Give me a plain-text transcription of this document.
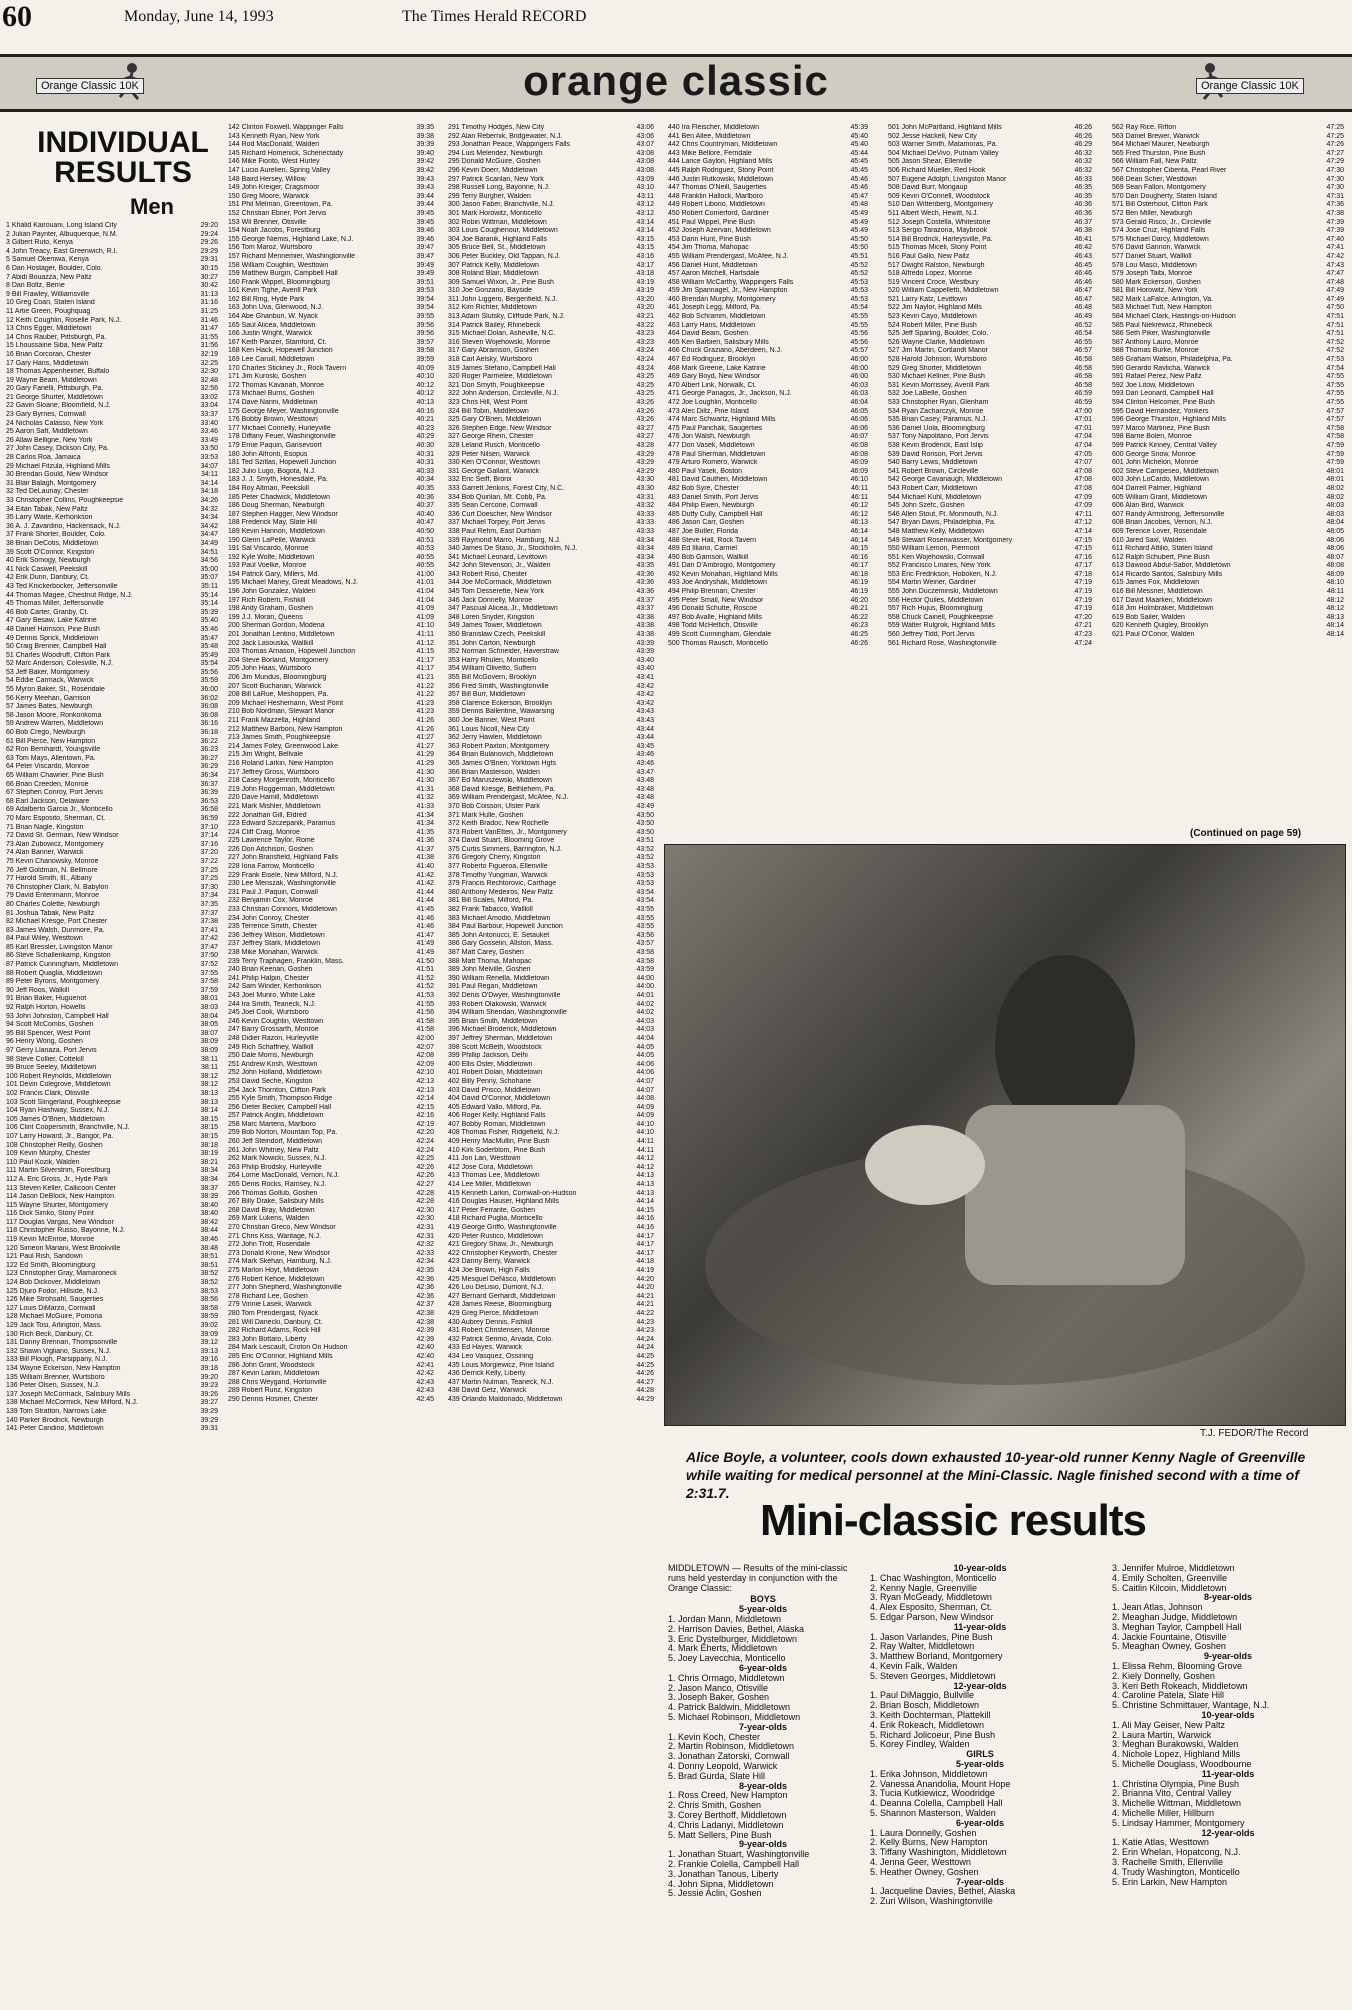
60	Monday, June 14, 1993	The Times Herald RECORD
orange classic
Orange Classic 10K	Orange Classic 10K
INDIVIDUAL RESULTS
Men
1 Khalid Kairouani, Long Island City	29:20
2 Julian Paynter, Albuquerque, N.M.	29:24
3 Gilbert Ruto, Kenya	29:26
4 John Treacy, East Greenwich, R.I.	29:29
5 Samuel Okemwa, Kenya	29:31
6 Dan Hostager, Boulder, Colo.	30:15
7 Abidi Bouazza, New Paltz	30:27
8 Dan Boltz, Berne	30:42
9 Bill Frawley, Williamsville	31:13
10 Greg Coan, Staten Island	31:16
11 Artie Green, Poughquag	31:25
12 Keith Coughlin, Roselle Park, N.J.	31:46
13 Chris Egger, Middletown	31:47
14 Chris Rauber, Pittsburgh, Pa.	31:55
15 Lhoussaine Siba, New Paltz	31:56
16 Brian Corcoran, Chester	32:19
17 Gary Hans, Middletown	32:25
18 Thomas Appenheimer, Buffalo	32:30
19 Wayne Beam, Middletown	32:48
20 Gary Fanelli, Pittsburgh, Pa.	32:56
21 George Shurter, Middletown	33:02
22 Gavin Sloane, Bloomfield, N.J.	33:04
23 Gary Byrnes, Cornwall	33:37
24 Nicholas Calasso, New York	33:40
25 Aaron Saft, Middletown	33:46
26 Allaw Belligne, New York	33:49
27 John Casey, Dickson City, Pa.	33:50
28 Carlos Roa, Jamaica	33:53
29 Michael Fitzula, Highland Mills	34:07
30 Brendan Gould, New Windsor	34:11
31 Blair Balagh, Montgomery	34:14
32 Ted DeLaunay, Chester	34:18
33 Christopher Collins, Poughkeepsie	34:26
34 Eitan Tabak, New Paltz	34:32
35 Larry Waite, Kerhonkson	34:34
36 A. J. Zavardino, Hackensack, N.J.	34:42
37 Frank Shorter, Boulder, Colo.	34:47
38 Brian DeCotis, Middletown	34:49
39 Scott O'Connor, Kingston	34:51
40 Erik Somogy, Newburgh	34:56
41 Nick Caswell, Peekskill	35:00
42 Erik Dunn, Danbury, Ct.	35:07
43 Ted Knickerbocker, Jeffersonville	35:11
44 Thomas Magee, Chestnut Ridge, N.J.	35:14
45 Thomas Miller, Jeffersonville	35:14
46 Bob Carter, Granby, Ct.	35:39
47 Gary Besaw, Lake Katrine	35:40
48 Daniel Harrison, Pine Bush	35:46
49 Dennis Sprick, Middletown	35:47
50 Craig Brenner, Campbell Hall	35:48
51 Charles Woodruff, Clifton Park	35:49
52 Marc Anderson, Colesville, N.J.	35:54
53 Jeff Baker, Montgomery	35:56
54 Eddie Carmack, Warwick	35:59
55 Myron Baker, St., Rosendale	36:00
56 Kerry Meehan, Garrison	36:02
57 James Bates, Newburgh	36:08
58 Jason Moore, Ronkonkoma	36:08
59 Andrew Warren, Middletown	36:16
60 Bob Crego, Newburgh	36:18
61 Bill Pierce, New Hampton	36:22
62 Ron Bernhardt, Youngsville	36:23
63 Tom Mays, Allentown, Pa.	36:27
64 Peter Viscardo, Monroe	36:29
65 William Chawner, Pine Bush	36:34
66 Brian Creeden, Monroe	36:37
67 Stephen Conroy, Port Jervis	36:39
68 Earl Jackson, Delaware	36:53
69 Adalberto Garcia Jr., Monticello	36:58
70 Marc Esposito, Sherman, Ct.	36:59
71 Brian Nagle, Kingston	37:10
72 David St. Germain, New Windsor	37:14
73 Alan Zubowicz, Montgomery	37:16
74 Alan Banner, Warwick	37:20
75 Kevin Chanowsky, Monroe	37:22
76 Jeff Goldman, N. Bellmore	37:25
77 Harold Smith, Ill., Albany	37:25
78 Christopher Clark, N. Babylon	37:30
79 David Entenmann, Monroe	37:34
80 Charles Colette, Newburgh	37:35
81 Joshua Tabak, New Paltz	37:37
82 Michael Kresge, Port Chester	37:38
83 James Walsh, Dunmore, Pa.	37:41
84 Paul Wiley, Westtown	37:42
85 Karl Bressler, Livingston Manor	37:47
86 Steve Schallenkamp, Kingston	37:50
87 Patrick Cunningham, Middletown	37:52
88 Robert Quaglia, Middletown	37:55
89 Peter Byrons, Montgomery	37:58
90 Jeff Roos, Walkill	37:59
91 Brian Baker, Huguenot	38:01
92 Ralph Horton, Howells	38:03
93 John Johnston, Campbell Hall	38:04
94 Scott McCombs, Goshen	38:05
95 Bill Spencer, West Point	38:07
96 Henry Wong, Goshen	38:09
97 Gerry Llanaza, Port Jervis	38:09
98 Steve Collier, Cottekill	38:11
99 Bruce Seeley, Middletown	38:11
100 Robert Reynolds, Middletown	38:12
101 Devin Colegrove, Middletown	38:12
102 Francis Clark, Otisville	38:13
103 Scott Slingerland, Poughkeepsie	38:13
104 Ryan Hashway, Sussex, N.J.	38:14
105 James O'Brien, Middletown	38:15
106 Clint Coopersmith, Branchville, N.J.	38:15
107 Larry Howard, Jr., Bangor, Pa.	38:15
108 Christopher Reilly, Goshen	38:18
109 Kevin Murphy, Chester	38:19
110 Paul Kozik, Walden	38:21
111 Martin Silverstrim, Forestburg	38:34
112 A. Eric Gross, Jr., Hyde Park	38:34
113 Steven Keller, Callicoon Center	38:37
114 Jason DeBlock, New Hampton	38:39
115 Wayne Shurter, Montgomery	38:40
116 Dick Simko, Stony Point	38:40
117 Douglas Vargas, New Windsor	38:42
118 Christopher Russo, Bayonne, N.J.	38:44
119 Kevin McEnroe, Monroe	38:46
120 Simeon Mariani, West Brookville	38:48
121 Paul Rish, Sandown	38:51
122 Ed Smith, Bloomingburg	38:51
123 Christopher Gray, Mamaroneck	38:52
124 Bob Dickover, Middletown	38:52
125 Djuro Fodor, Hillside, N.J.	38:53
126 Mike Strohsahl, Saugerties	38:56
127 Louis DiMarzo, Cornwall	38:58
128 Michael McGuire, Pomona	38:59
129 Jack Tosi, Arlington, Mass.	39:02
130 Rich Beck, Danbury, Ct.	39:09
131 Danny Brennan, Thompsonville	39:12
132 Shawn Vigliano, Sussex, N.J.	39:13
133 Bill Plough, Parsippany, N.J.	39:16
134 Wayne Eckerson, New Hampton	39:18
135 William Brenner, Wurtsboro	39:20
136 Peter Olsen, Sussex, N.J.	39:23
137 Joseph McCormack, Salisbury Mills	39:26
138 Michael McCormick, New Milford, N.J.	39:27
139 Tom Stratton, Narrows Lake	39:29
140 Parker Brodrick, Newburgh	39:29
141 Peter Candino, Middletown	39:31
142 Clinton Foxwell, Wappinger Falls	39:35
143 Kenneth Ryan, New York	39:38
144 Rod MacDonald, Walden	39:39
145 Richard Homenick, Schenectady	39:40
146 Mike Fiorito, West Hurley	39:42
147 Lucio Aurelien, Spring Valley	39:42
148 Baird Hersey, Willow	39:43
149 John Kreiger, Cragsmoor	39:43
150 Greg Moore, Warwick	39:44
151 Phil Melman, Greentown, Pa.	39:44
152 Christian Ebner, Port Jervis	39:45
153 Wil Brenner, Otisville	39:45
154 Noah Jacobs, Forestburg	39:46
155 George Niemis, Highland Lake, N.J.	39:46
156 Tom Maroz, Wurtsboro	39:47
157 Richard Mennemier, Washingtonville	39:47
158 William Coughlin, Westtown	39:49
159 Matthew Burgin, Campbell Hall	39:49
160 Frank Wippel, Bloomingburg	39:51
161 Kevin Tighe, Averill Park	39:53
162 Bill Ring, Hyde Park	39:54
163 John Uva, Glenwood, N.J.	39:54
164 Abe Ghanburi, W. Nyack	39:55
165 Saul Alicea, Middletown	39:56
166 Justin Wright, Warwick	39:56
167 Keith Panzer, Stamford, Ct.	39:57
168 Ken Hack, Hopewell Junction	39:58
169 Lee Caruill, Middletown	39:59
170 Charles Stickney Jr., Rock Tavern	40:09
171 Jim Kuroski, Goshen	40:10
172 Thomas Kavanah, Monroe	40:12
173 Michael Burns, Goshen	40:12
174 Dave Narini, Middletown	40:13
175 George Meyer, Washingtonville	40:16
176 Bobby Brown, Westtown	40:21
177 Michael Connelly, Hurleyville	40:23
178 Diffany Feuer, Washingtonville	40:29
179 Ernie Paquin, Gansevoort	40:30
180 John Alfronti, Esopus	40:31
181 Ted Szitlas, Hopewell Junction	40:31
182 Julio Lugo, Bogota, N.J.	40:33
183 J. J. Smyth, Honesdale, Pa.	40:34
184 Roy Altman, Peekskill	40:35
185 Peter Chadwick, Middletown	40:36
186 Doug Sherman, Newburgh	40:37
187 Stephen Hagger, New Windsor	40:40
188 Frederick May, Slate Hill	40:47
189 Kevin Hannon, Middletown	40:50
190 Glenn LaPelle, Warwick	40:51
191 Sal Viscardo, Monroe	40:53
192 Kyle Wolfe, Middletown	40:55
193 Paul Voelke, Monroe	40:55
194 Patrick Gary, Millers, Md.	41:00
195 Michael Maney, Great Meadows, N.J.	41:01
196 John Gonzalez, Walden	41:04
197 Rich Roberti, Fishkill	41:04
198 Andy Graham, Goshen	41:09
199 J.J. Moran, Queens	41:09
200 Sherman Gordon, Modena	41:10
201 Jonathan Lentino, Middletown	41:11
202 Jack Lasouska, Wallkill	41:12
203 Thomas Arnason, Hopewell Junction	41:15
204 Steve Borland, Montgomery	41:17
205 John Haas, Wurtsboro	41:17
206 Jim Mundus, Bloomingburg	41:21
207 Scott Buchanan, Warwick	41:22
208 Bill LaRue, Meshoppen, Pa.	41:22
209 Michael Heshemann, West Point	41:23
210 Bob Nordman, Stewart Manor	41:23
211 Frank Mazzella, Highland	41:26
212 Matthew Barboni, New Hampton	41:26
213 James Smith, Poughkeepsie	41:27
214 James Foley, Greenwood Lake	41:27
215 Jim Wright, Bellvale	41:29
216 Roland Larkin, New Hampton	41:29
217 Jeffrey Gross, Wurtsboro	41:30
218 Casey Morgenroth, Monticello	41:30
219 John Roggerman, Middletown	41:31
220 Dave Hamill, Middletown	41:32
221 Mark Mishler, Middletown	41:33
222 Jonathan Gill, Eldred	41:34
223 Edward Szczepanik, Paramus	41:34
224 Cliff Craig, Monroe	41:35
225 Lawrence Taylor, Rome	41:36
226 Don Aitchison, Goshen	41:37
227 John Bransfield, Highland Falls	41:38
228 Iona Farrow, Monticello	41:40
229 Frank Eisele, New Milford, N.J.	41:42
230 Lee Menszak, Washingtonville	41:42
231 Paul J. Paquin, Cornwall	41:44
232 Benjamin Cox, Monroe	41:44
233 Christian Connors, Middletown	41:45
234 John Conroy, Chester	41:46
235 Terrence Smith, Chester	41:46
236 Jeffrey Wilson, Middletown	41:47
237 Jeffrey Stark, Middletown	41:49
238 Mike Monahan, Warwick	41:49
239 Terry Traphagen, Franklin, Mass.	41:50
240 Brian Keenan, Goshen	41:51
241 Philip Halpin, Chester	41:52
242 Sam Winder, Kerhonkson	41:52
243 Joel Munro, White Lake	41:53
244 Ira Smith, Teaneck, N.J.	41:55
245 Joel Cook, Wurtsboro	41:56
246 Kevin Coughlin, Westtown	41:58
247 Barry Grossarth, Monroe	41:58
248 Didier Razon, Hurleyville	42:00
249 Rich Schaffney, Wallkill	42:07
250 Dale Morris, Newburgh	42:08
251 Andrew Krish, Westtown	42:09
252 John Holland, Middletown	42:10
253 David Seche, Kingston	42:13
254 Jack Thornton, Clifton Park	42:13
255 Kyle Smith, Thompson Ridge	42:14
256 Dieter Becker, Campbell Hall	42:15
257 Patrick Anglin, Middletown	42:16
258 Marc Martens, Marlboro	42:19
259 Bob Norton, Mountain Top, Pa.	42:20
260 Jeff Steindorf, Middletown	42:24
261 John Whitney, New Paltz	42:24
262 Mark Nowicki, Sussex, N.J.	42:25
263 Philip Brodsky, Hurleyville	42:26
264 Lorne MacDonald, Vernon, N.J.	42:26
265 Denis Rocks, Ramsey, N.J.	42:27
266 Thomas Gollub, Goshen	42:28
267 Billy Drake, Salisbury Mills	42:28
268 David Bray, Middletown	42:30
269 Mark Lukens, Walden	42:30
270 Christian Greco, New Windsor	42:31
271 Chris Kiss, Wantage, N.J.	42:31
272 John Trott, Rosendale	42:32
273 Donald Krone, New Windsor	42:33
274 Mark Skehan, Hamburg, N.J.	42:34
275 Marlon Hoyt, Middletown	42:35
276 Robert Kehoe, Middletown	42:36
277 John Shepherd, Washingtonville	42:36
278 Richard Lee, Goshen	42:36
279 Vinnie Lasek, Warwick	42:37
280 Tom Prendergast, Nyack	42:38
281 Will Danecki, Danbury, Ct.	42:38
282 Richard Adams, Rock Hill	42:39
283 John Bottaro, Liberty	42:39
284 Mark Lescault, Croton On Hudson	42:40
285 Eric O'Connor, Highland Mills	42:40
286 John Grant, Woodstock	42:41
287 Kevin Larkin, Middletown	42:42
288 Chris Weygand, Hortonville	42:43
289 Robert Runz, Kingston	42:43
290 Dennis Hosmer, Chester	42:45
291 Timothy Hodges, New City	43:06
292 Alan Rebernik, Bridgewater, N.J.	43:06
293 Jonathan Peace, Wappingers Falls	43:07
294 Luis Melendez, Newburgh	43:08
295 Donald McGuire, Goshen	43:08
296 Kevin Doerr, Middletown	43:08
297 Patrick Scanlan, New York	43:09
298 Russell Long, Bayonne, N.J.	43:10
299 Terry Burgher, Walden	43:11
300 Jason Faber, Branchville, N.J.	43:12
301 Mark Horowitz, Monticello	43:12
302 Robin Wittman, Middletown	43:14
303 Louis Coughenour, Middletown	43:14
304 Joe Baranik, Highland Falls	43:15
305 Bruce Bell, St., Middletown	43:15
306 Peter Buckley, Old Tappan, N.J.	43:16
307 Patrick Kelly, Middletown	43:17
308 Roland Blair, Middletown	43:18
309 Samuel Wixon, Jr., Pine Bush	43:19
310 Joe Gonzano, Bayside	43:19
311 John Liggero, Bergenfield, N.J.	43:20
312 Kim Richter, Middletown	43:20
313 Adam Slutsky, Cliffside Park, N.J.	43:21
314 Patrick Bailey, Rhinebeck	43:22
315 Michael Dolan, Asheville, N.C.	43:23
316 Steven Wojehowski, Monroe	43:23
317 Gary Abramson, Goshen	43:24
318 Carl Aelsky, Wurtsboro	43:24
319 James Stefano, Campbell Hall	43:24
320 Roger Parmelee, Middletown	43:25
321 Don Smyth, Poughkeepsie	43:25
322 John Anderson, Circleville, N.J.	43:25
323 Chris Hill, West Point	43:26
324 Bill Tobin, Middletown	43:26
325 Gary O'Brien, Middletown	43:26
326 Stephen Edge, New Windsor	43:27
327 George Rhein, Chester	43:27
328 Leland Rusch, Monticello	43:28
329 Peter Nilsen, Warwick	43:29
330 Ken O'Connor, Westtown	43:29
331 George Gallant, Warwick	43:29
332 Eric Seiff, Bronx	43:30
333 Garrett Jenkins, Forest City, N.C.	43:30
334 Bob Quinlan, Mt. Cobb, Pa.	43:31
335 Sean Cercone, Cornwall	43:32
336 Curt Doescher, New Windsor	43:33
337 Michael Torpey, Port Jervis	43:33
338 Paul Rehm, East Durham	43:33
339 Raymond Marro, Hamburg, N.J.	43:34
340 James De Staso, Jr., Stockholm, N.J.	43:34
341 Michael Leonard, Levittown	43:34
342 John Stevenson, Jr., Walden	43:35
343 Robert Riso, Chester	43:36
344 Joe McCormack, Middletown	43:36
345 Tom Desserette, New York	43:36
346 Jack Donnelly, Monroe	43:37
347 Pascual Alicea, Jr., Middletown	43:37
348 Loren Snyder, Kingston	43:38
349 James Tower, Middletown	43:38
350 Branislaw Czech, Peekskill	43:38
351 John Carton, Newburgh	43:39
352 Norman Schneider, Haverstraw	43:39
353 Harry Rhulen, Monticello	43:40
354 William Olivetto, Suffern	43:40
355 Bill McGovern, Brooklyn	43:41
356 Fred Smith, Washingtonville	43:42
357 Bill Burr, Middletown	43:42
358 Clarence Eckerson, Brooklyn	43:42
359 Dennis Ballentine, Wawarsing	43:43
360 Joe Banner, West Point	43:43
361 Louis Nicoll, New City	43:44
362 Jerry Hawlen, Middletown	43:44
363 Robert Paxton, Montgomery	43:45
364 Brian Bulanovich, Middletown	43:46
365 James O'Brien, Yorktown Hgts	43:46
366 Brian Masterson, Walden	43:47
367 Ed Maruszewski, Middletown	43:48
368 David Kresge, Bethlehem, Pa.	43:48
369 William Prendergast, McAfee, N.J.	43:48
370 Bob Coisson, Ulster Park	43:49
371 Mark Hulle, Goshen	43:50
372 Keith Bradoc, New Rochelle	43:50
373 Robert VanEtten, Jr., Montgomery	43:50
374 David Stuart, Blooming Grove	43:51
375 Curtis Simmers, Barrington, N.J.	43:52
376 Gregory Cherry, Kingston	43:52
377 Roberto Figueroa, Ellenville	43:53
378 Timothy Yungman, Warwick	43:53
379 Francis Rechtorovic, Carthage	43:53
380 Anthony Medeiros, New Paltz	43:54
381 Bill Scales, Milford, Pa.	43:54
382 Frank Tabacco, Wallkill	43:55
383 Michael Amodio, Middletown	43:55
384 Paul Barbour, Hopewell Junction	43:55
385 John Antonucci, E. Setauket	43:56
386 Gary Gosselin, Allston, Mass.	43:57
387 Matt Carey, Goshen	43:58
388 Matt Thoma, Mahopac	43:58
389 John Melville, Goshen	43:59
390 William Renella, Middletown	44:00
391 Paul Regan, Middletown	44:00
392 Denis O'Dwyer, Washingtonville	44:01
393 Robert Olakowski, Warwick	44:02
394 William Sheridan, Washingtonville	44:02
395 Brian Smith, Middletown	44:03
396 Michael Broderick, Middletown	44:03
397 Jeffrey Sherman, Middletown	44:04
398 Scott McBeth, Woodstock	44:05
399 Phillip Jackson, Delhi	44:05
400 Ellis Oster, Middletown	44:06
401 Robert Dolan, Middletown	44:06
402 Billy Penny, Schoharie	44:07
403 David Prisco, Middletown	44:07
404 David O'Connor, Middletown	44:08
405 Edward Vallo, Milford, Pa.	44:09
406 Roger Kelly, Highland Falls	44:09
407 Bobby Roman, Middletown	44:10
408 Thomas Fisher, Ridgefield, N.J.	44:10
409 Henry MacMullin, Pine Bush	44:11
410 Kirk Soderblom, Pine Bush	44:11
411 Jon Lan, Westtown	44:12
412 Jose Cora, Middletown	44:12
413 Thomas Lee, Middletown	44:13
414 Lee Miller, Middletown	44:13
415 Kenneth Larkin, Cornwall-on-Hudson	44:13
416 Douglas Hauser, Highland Mills	44:14
417 Peter Ferrante, Goshen	44:15
418 Richard Puglia, Monticello	44:16
419 George Griffo, Washingtonville	44:16
420 Peter Rustico, Middletown	44:17
421 Gregory Shaw, Jr., Newburgh	44:17
422 Christopher Keyworth, Chester	44:17
423 Danny Berry, Warwick	44:18
424 Joe Brown, High Falls	44:19
425 Mesquel DeNisco, Middletown	44:20
426 Lou DeLisio, Dumont, N.J.	44:20
427 Bernard Gerhardt, Middletown	44:21
428 James Reese, Bloomingburg	44:21
429 Greg Pierce, Middletown	44:22
430 Aubrey Dennis, Fishkill	44:23
431 Robert Christensen, Monroe	44:23
432 Patrick Serimo, Arvada, Colo.	44:24
433 Ed Hayes, Warwick	44:24
434 Leo Vasquez, Ossining	44:25
435 Louis Morgiewicz, Pine Island	44:25
436 Derrick Kelly, Liberty	44:26
437 Martin Nulman, Teaneck, N.J.	44:27
438 David Getz, Warwick	44:28
439 Orlando Maldonado, Middletown	44:29
440 Ira Fleischer, Middletown	45:39
441 Ben Allee, Middletown	45:40
442 Chris Countryman, Middletown	45:40
443 Mike Bellore, Ferndale	45:44
444 Lance Gaylon, Highland Mills	45:45
445 Ralph Rodriguez, Stony Point	45:45
446 Justin Rutkowski, Middletown	45:46
447 Thomas O'Neill, Saugerties	45:46
448 Franklin Hallock, Marlboro	45:47
449 Robert Liborio, Middletown	45:48
450 Robert Comerford, Gardiner	45:49
451 Paul Wippel, Pine Bush	45:49
452 Joseph Azervan, Middletown	45:49
453 Darin Hunt, Pine Bush	45:50
454 Jim Thoma, Mahopac	45:50
455 William Prendergast, McAfee, N.J.	45:51
456 Daniel Hunt, Middletown	45:52
457 Aaron Mitchell, Hartsdale	45:52
458 William McCarthy, Wappingers Falls	45:53
459 Jim Spannagel, Jr., New Hampton	45:53
460 Brendan Murphy, Montgomery	45:53
461 Joseph Legg, Milford, Pa.	45:54
462 Bob Schramm, Middletown	45:55
463 Larry Hans, Middletown	45:55
464 David Beam, Goshen	45:56
465 Ken Barbieri, Salisbury Mills	45:56
466 Chuck Graziano, Aberdeen, N.J.	45:57
467 Ed Rodriguez, Brooklyn	46:00
468 Mark Greene, Lake Katrine	46:00
469 Gary Boyd, New Windsor	46:00
470 Albert Link, Norwalk, Ct.	46:03
471 George Panagos, Jr., Jackson, N.J.	46:03
472 Joe Loughlin, Monticello	46:04
473 Alec Diltz, Pine Island	46:05
474 Marc Schwartz, Highland Mills	46:06
475 Paul Panchak, Saugerties	46:06
476 Jon Walsh, Newburgh	46:07
477 Don Vasek, Middletown	46:08
478 Paul Sherman, Middletown	46:08
479 Arturo Romero, Warwick	46:09
480 Paul Yasek, Boston	46:09
481 David Cauthen, Middletown	46:10
482 Bob Syre, Chester	46:11
483 Daniel Smith, Port Jervis	46:11
484 Philip Ewen, Newburgh	46:12
485 Duffy Cully, Campbell Hall	46:12
486 Jason Carr, Goshen	46:13
487 Joe Butler, Florida	46:14
488 Steve Hall, Rock Tavern	46:14
489 Ed Illiano, Carmel	46:15
490 Bob Garrison, Wallkill	46:16
491 Dan D'Ambrogio, Montgomery	46:17
492 Kevin Monahan, Highland Mills	46:18
493 Joe Andryshak, Middletown	46:19
494 Philip Brennan, Chester	46:19
495 Peter Small, New Windsor	46:20
496 Donald Schutte, Roscoe	46:21
497 Bob Avalle, Highland Mills	46:22
498 Todd McHeltich, Otisville	46:23
499 Scott Cunningham, Glendale	46:25
500 Thomas Rausch, Monticello	46:26
501 John McPartland, Highland Mills	46:26
502 Jesse Hackell, New City	46:26
503 Warner Smith, Matamoras, Pa.	46:29
504 Michael DeVivo, Putnam Valley	46:32
505 Jason Shear, Ellenville	46:32
506 Richard Mueller, Red Hook	46:32
507 Eugene Adolph, Livingston Manor	46:33
508 David Burr, Mongaup	46:35
509 Kevin O'Connell, Woodstock	46:35
510 Dan Wittenberg, Montgomery	46:36
511 Albert Wech, Hewitt, N.J.	46:36
512 Joseph Costella, Whitestone	46:37
513 Sergio Tarazona, Maybrook	46:38
514 Bill Brodrick, Harleysville, Pa.	46:41
515 Thomas Miceli, Stony Point	46:42
516 Paul Gallo, New Paltz	46:43
517 Dwight Ralston, Newburgh	46:45
518 Alfredo Lopez, Monroe	46:46
519 Vincent Croce, Westbury	46:46
520 William Cappelletti, Middletown	46:47
521 Larry Katz, Levittown	46:47
522 Jim Naylor, Highland Mills	46:48
523 Kevin Cayo, Middletown	46:49
524 Robert Miller, Pine Bush	46:52
525 Jeff Sparling, Boulder, Colo.	46:54
526 Wayne Clarke, Middletown	46:55
527 Jim Martin, Cortlandt Manor	46:57
528 Harold Johnson, Wurtsboro	46:58
529 Greg Shorter, Middletown	46:58
530 Michael Kellner, Pine Bush	46:58
531 Kevin Morrissey, Averill Park	46:58
532 Joe LaBelle, Goshen	46:59
533 Christopher Ryan, Glenham	46:59
534 Ryan Zacharczyk, Monroe	47:00
535 Brian Casey, Paramus, N.J.	47:01
536 Daniel Uola, Bloomingburg	47:01
537 Tony Napolitano, Port Jervis	47:04
538 Kevin Broderick, East Islip	47:04
539 David Ronson, Port Jervis	47:05
540 Barry Lewis, Middletown	47:07
541 Robert Brown, Circleville	47:08
542 George Cavanaugh, Middletown	47:08
543 Robert Carr, Middletown	47:08
544 Michael Kuhl, Middletown	47:09
545 John Szefc, Goshen	47:09
546 Allen Stout, Ft. Monmouth, N.J.	47:11
547 Bryan Davis, Philadelphia, Pa.	47:12
548 Matthew Kelly, Middletown	47:14
549 Stewart Rosenwasser, Montgomery	47:15
550 William Lemon, Piermont	47:15
551 Ken Wojehowski, Cornwall	47:16
552 Francisco Linares, New York	47:17
553 Eric Fredrikson, Hoboken, N.J.	47:18
554 Martin Weiner, Gardiner	47:19
555 John Duczeminski, Middletown	47:19
556 Hector Quiles, Middletown	47:19
557 Rich Hujus, Bloomingburg	47:19
558 Chuck Cainell, Poughkeepsie	47:20
559 Walter Rulgrok, Highland Mills	47:21
560 Jeffrey Tidd, Port Jervis	47:23
561 Richard Rose, Washingtonville	47:24
562 Ray Rice, Rifton	47:25
563 Daniel Brewer, Warwick	47:25
564 Michael Maurer, Newburgh	47:26
565 Fred Thurston, Pine Bush	47:27
566 William Fall, New Paltz	47:29
567 Christopher Cibenta, Pearl River	47:30
568 Dean Scher, Westtown	47:30
569 Sean Fallon, Montgomery	47:30
570 Dan Dougherty, Staten Island	47:31
571 Bill Osterhout, Clifton Park	47:36
572 Ben Miller, Newburgh	47:38
573 Gerald Risco, Jr., Circleville	47:39
574 Jose Cruz, Highland Falls	47:39
575 Michael Darcy, Middletown	47:40
576 David Gannon, Warwick	47:41
577 Daniel Stuart, Wallkill	47:42
578 Lou Masci, Middletown	47:43
579 Joseph Taibi, Monroe	47:47
580 Mark Eckerson, Goshen	47:48
581 Bill Horowitz, New York	47:49
582 Mark LaFalce, Arlington, Va.	47:49
583 Michael Tutt, New Hampton	47:50
584 Michael Clark, Hastings-on-Hudson	47:51
585 Paul Niekrewicz, Rhinebeck	47:51
586 Seth Piker, Washingtonville	47:51
587 Anthony Lauro, Monroe	47:52
588 Thomas Burke, Monroe	47:52
589 Graham Watson, Philadelphia, Pa.	47:53
590 Gerardo Ravlicha, Warwick	47:54
591 Rafael Perez, New Paltz	47:55
592 Joe Litow, Middletown	47:55
593 Dan Leonard, Campbell Hall	47:55
594 Clinton Helcomer, Pine Bush	47:55
595 David Hernandez, Yonkers	47:57
596 George Thurston, Highland Mills	47:57
597 Marco Martinez, Pine Bush	47:58
598 Barrie Bolen, Monroe	47:58
599 Patrick Kinney, Central Valley	47:59
600 George Snow, Monroe	47:59
601 John Michelon, Monroe	47:59
602 Steve Campeseo, Middletown	48:01
603 John LoCardo, Middletown	48:01
604 Darrell Palmer, Highland	48:02
605 William Grant, Middletown	48:02
606 Alan Bird, Warwick	48:03
607 Randy Armstrong, Jeffersonville	48:03
608 Brian Jacobes, Vernon, N.J.	48:04
609 Terence Lover, Rosendale	48:05
610 Jared Saxl, Walden	48:06
611 Richard Attilio, Staten Island	48:06
612 Ralph Schubert, Pine Bush	48:07
613 Dawood Abdul-Sabor, Middletown	48:08
614 Ricardo Santos, Salisbury Mills	48:09
615 James Fox, Middletown	48:10
616 Bill Messner, Middletown	48:11
617 David Maarken, Middletown	48:12
618 Jim Holmbraker, Middletown	48:12
619 Bob Sailer, Walden	48:13
620 Kenneth Quigley, Brooklyn	48:14
621 Paul O'Conor, Walden	48:14
(Continued on page 59)
T.J. FEDOR/The Record
Alice Boyle, a volunteer, cools down exhausted 10-year-old runner Kenny Nagle of Greenville while waiting for medical personnel at the Mini-Classic. Nagle finished second with a time of 2:31.7.
Mini-classic results
MIDDLETOWN — Results of the mini-classic runs held yesterday in conjunction with the Orange Classic:
BOYS
5-year-olds
1. Jordan Mann, Middletown
2. Harrison Davies, Bethel, Alaska
3. Eric Dystelburger, Middletown
4. Mark Eherts, Middletown
5. Joey Lavecchia, Monticello
6-year-olds
1. Chris Ormago, Middletown
2. Jason Manco, Otisville
3. Joseph Baker, Goshen
4. Patrick Baldwin, Middletown
5. Michael Robinson, Middletown
7-year-olds
1. Kevin Koch, Chester
2. Martin Robinson, Middletown
3. Jonathan Zatorski, Cornwall
4. Donny Leopold, Warwick
5. Brad Gurda, Slate Hill
8-year-olds
1. Ross Creed, New Hampton
2. Chris Smith, Goshen
3. Corey Berthoff, Middletown
4. Chris Ladanyi, Middletown
5. Matt Sellers, Pine Bush
9-year-olds
1. Jonathan Stuart, Washingtonville
2. Frankie Colella, Campbell Hall
3. Jonathan Tanous, Liberty
4. John Sipna, Middletown
5. Jessie Aclin, Goshen
10-year-olds
1. Chac Washington, Monticello
2. Kenny Nagle, Greenville
3. Ryan McGeady, Middletown
4. Alex Esposito, Sherman, Ct.
5. Edgar Parson, New Windsor
11-year-olds
1. Jason Varlandes, Pine Bush
2. Ray Walter, Middletown
3. Matthew Borland, Montgomery
4. Kevin Falk, Walden
5. Steven Georges, Middletown
12-year-olds
1. Paul DiMaggio, Bullville
2. Brian Bosch, Middletown
3. Keith Dochterman, Plattekill
4. Erik Rokeach, Middletown
5. Richard Jolicoeur, Pine Bush
5. Korey Findley, Walden
GIRLS
5-year-olds
1. Erika Johnson, Middletown
2. Vanessa Anandolia, Mount Hope
3. Tucia Kutkiewicz, Woodridge
4. Deanna Colella, Campbell Hall
5. Shannon Masterson, Walden
6-year-olds
1. Laura Donnelly, Goshen
2. Kelly Burns, New Hampton
3. Tiffany Washington, Middletown
4. Jenna Geer, Westtown
5. Heather Owney, Goshen
7-year-olds
1. Jacqueline Davies, Bethel, Alaska
2. Zuri Wilson, Washingtonville
3. Jennifer Mulroe, Middletown
4. Emily Scholten, Greenville
5. Caitlin Kilcoin, Middletown
8-year-olds
1. Jean Atlas, Johnson
2. Meaghan Judge, Middletown
3. Meghan Taylor, Campbell Hall
4. Jackie Fountaine, Otisville
5. Meaghan Owney, Goshen
9-year-olds
1. Elissa Rehm, Blooming Grove
2. Kiely Donnelly, Goshen
3. Keri Beth Rokeach, Middletown
4. Caroline Patela, Slate Hill
5. Christine Schmittauer, Wantage, N.J.
10-year-olds
1. Ali May Geiser, New Paltz
2. Laura Martin, Warwick
3. Meghan Burakowski, Walden
4. Nichole Lopez, Highland Mills
5. Michelle Douglass, Woodbourne
11-year-olds
1. Christina Olympia, Pine Bush
2. Brianna Vito, Central Valley
3. Michelle Wittman, Middletown
4. Michelle Miller, Hillburn
5. Lindsay Hammer, Montgomery
12-year-olds
1. Katie Atlas, Westtown
2. Erin Whelan, Hopatcong, N.J.
3. Rachelle Smith, Ellenville
4. Trudy Washington, Monticello
5. Erin Larkin, New Hampton
